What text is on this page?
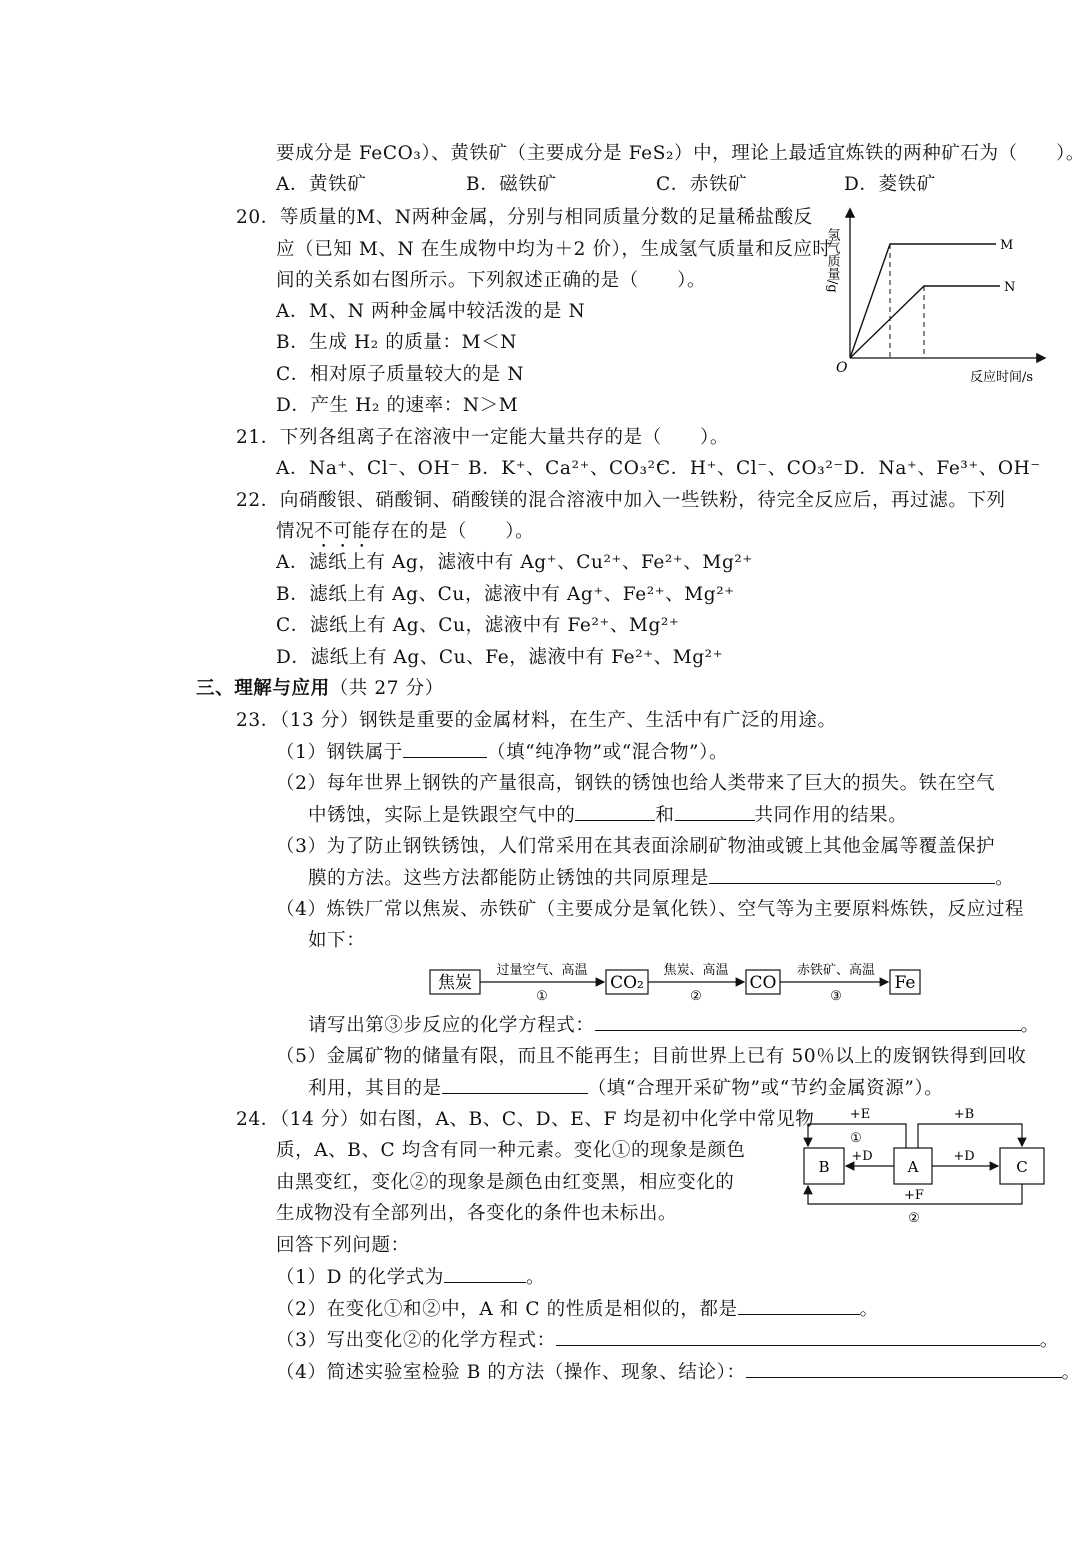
要成分是 FeCO₃）、黄铁矿（主要成分是 FeS₂）中，理论上最适宜炼铁的两种矿石为（　　）。
A．黄铁矿	B．磁铁矿	C．赤铁矿	D．菱铁矿
20．等质量的M、N两种金属，分别与相同质量分数的足量稀盐酸反
应（已知 M、N 在生成物中均为＋2 价），生成氢气质量和反应时
间的关系如右图所示。下列叙述正确的是（　　）。
A．M、N 两种金属中较活泼的是 N
B．生成 H₂ 的质量：M＜N
C．相对原子质量较大的是 N
D．产生 H₂ 的速率：N＞M
M
N
O
反应时间/s
氢气质量/g
21．下列各组离子在溶液中一定能大量共存的是（　　）。
A．Na⁺、Cl⁻、OH⁻ B．K⁺、Ca²⁺、CO₃²⁻
C．H⁺、Cl⁻、CO₃²⁻ D．Na⁺、Fe³⁺、OH⁻
22．向硝酸银、硝酸铜、硝酸镁的混合溶液中加入一些铁粉，待完全反应后，再过滤。下列
情况不可能存在的是（　　）。
A．滤纸上有 Ag，滤液中有 Ag⁺、Cu²⁺、Fe²⁺、Mg²⁺
B．滤纸上有 Ag、Cu，滤液中有 Ag⁺、Fe²⁺、Mg²⁺
C．滤纸上有 Ag、Cu，滤液中有 Fe²⁺、Mg²⁺
D．滤纸上有 Ag、Cu、Fe，滤液中有 Fe²⁺、Mg²⁺
三、理解与应用（共 27 分）
23．（13 分）钢铁是重要的金属材料，在生产、生活中有广泛的用途。
（1）钢铁属于	（填“纯净物”或“混合物”）。
（2）每年世界上钢铁的产量很高，钢铁的锈蚀也给人类带来了巨大的损失。铁在空气
中锈蚀，实际上是铁跟空气中的	和	共同作用的结果。
（3）为了防止钢铁锈蚀，人们常采用在其表面涂刷矿物油或镀上其他金属等覆盖保护
膜的方法。这些方法都能防止锈蚀的共同原理是	。
（4）炼铁厂常以焦炭、赤铁矿（主要成分是氧化铁）、空气等为主要原料炼铁，反应过程
如下：
焦炭
过量空气、高温
①
CO₂
焦炭、高温
②
CO
赤铁矿、高温
③
Fe
请写出第③步反应的化学方程式：	。
（5）金属矿物的储量有限，而且不能再生；目前世界上已有 50％以上的废钢铁得到回收
利用，其目的是	（填“合理开采矿物”或“节约金属资源”）。
24．（14 分）如右图，A、B、C、D、E、F 均是初中化学中常见物
质，A、B、C 均含有同一种元素。变化①的现象是颜色
由黑变红，变化②的现象是颜色由红变黑，相应变化的
生成物没有全部列出，各变化的条件也未标出。
回答下列问题：
B	A	C
+E
①
+B
+D	+D
+F
②
（1）D 的化学式为	。
（2）在变化①和②中，A 和 C 的性质是相似的，都是	。
（3）写出变化②的化学方程式：	。
（4）简述实验室检验 B 的方法（操作、现象、结论）：	。
